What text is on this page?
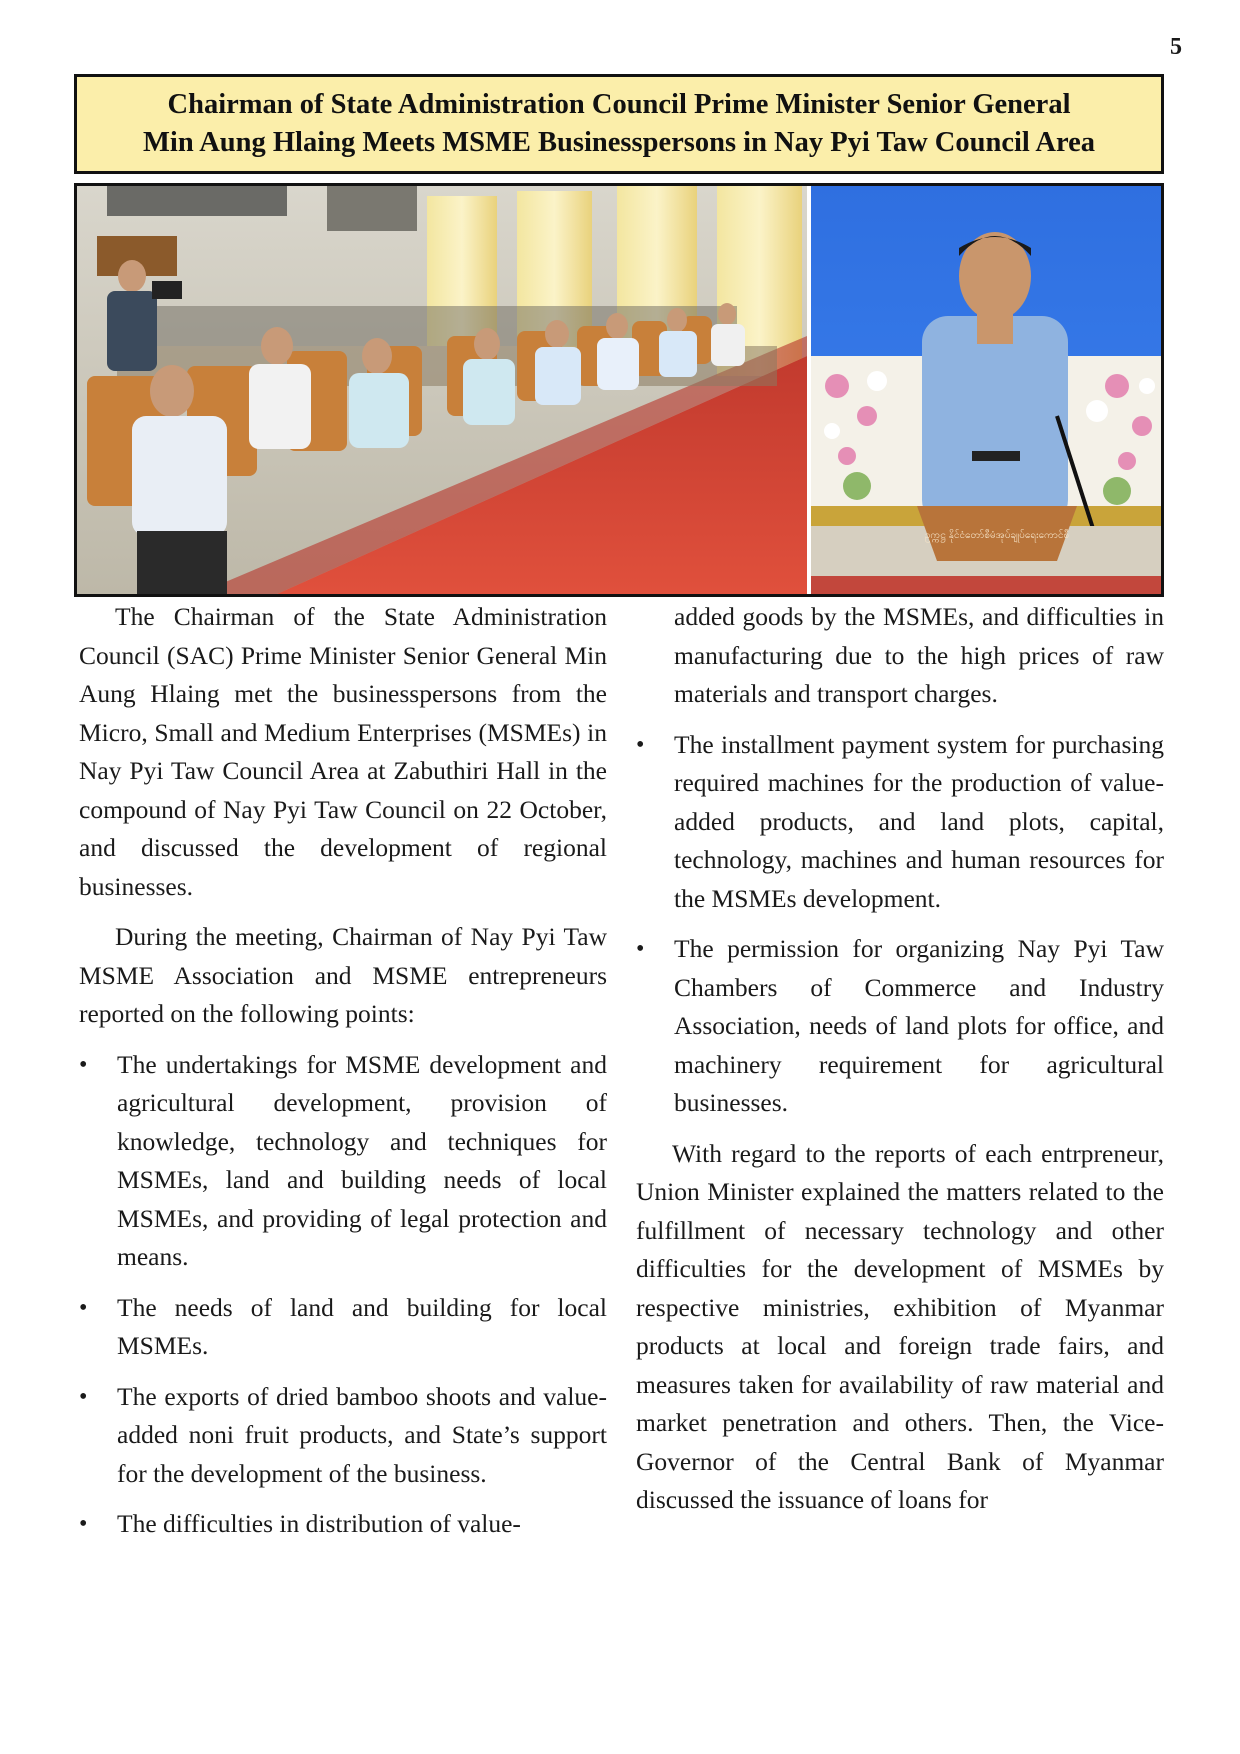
5
Chairman of State Administration Council Prime Minister Senior General
Min Aung Hlaing Meets MSME Businesspersons in Nay Pyi Taw Council Area
ဥက္ကဋ္ဌ နိုင်ငံတော်စီမံအုပ်ချုပ်ရေးကောင်စီ

The Chairman of the State Administration Council (SAC) Prime Minister Senior General Min Aung Hlaing met the businesspersons from the Micro, Small and Medium Enterprises (MSMEs) in Nay Pyi Taw Council Area at Zabuthiri Hall in the compound of Nay Pyi Taw Council on 22 October, and discussed the development of regional businesses.

During the meeting, Chairman of Nay Pyi Taw MSME Association and MSME entrepreneurs reported on the following points:

• The undertakings for MSME development and agricultural development, provision of knowledge, technology and techniques for MSMEs, land and building needs of local MSMEs, and providing of legal protection and means.
• The needs of land and building for local MSMEs.
• The exports of dried bamboo shoots and value-added noni fruit products, and State’s support for the development of the business.
• The difficulties in distribution of value-
added goods by the MSMEs, and difficulties in manufacturing due to the high prices of raw materials and transport charges.
• The installment payment system for purchasing required machines for the production of value-added products, and land plots, capital, technology, machines and human resources for the MSMEs development.
• The permission for organizing Nay Pyi Taw Chambers of Commerce and Industry Association, needs of land plots for office, and machinery requirement for agricultural businesses.

With regard to the reports of each entrpreneur, Union Minister explained the matters related to the fulfillment of necessary technology and other difficulties for the development of MSMEs by respective ministries, exhibition of Myanmar products at local and foreign trade fairs, and measures taken for availability of raw material and market penetration and others. Then, the Vice-Governor of the Central Bank of Myanmar discussed the issuance of loans for
